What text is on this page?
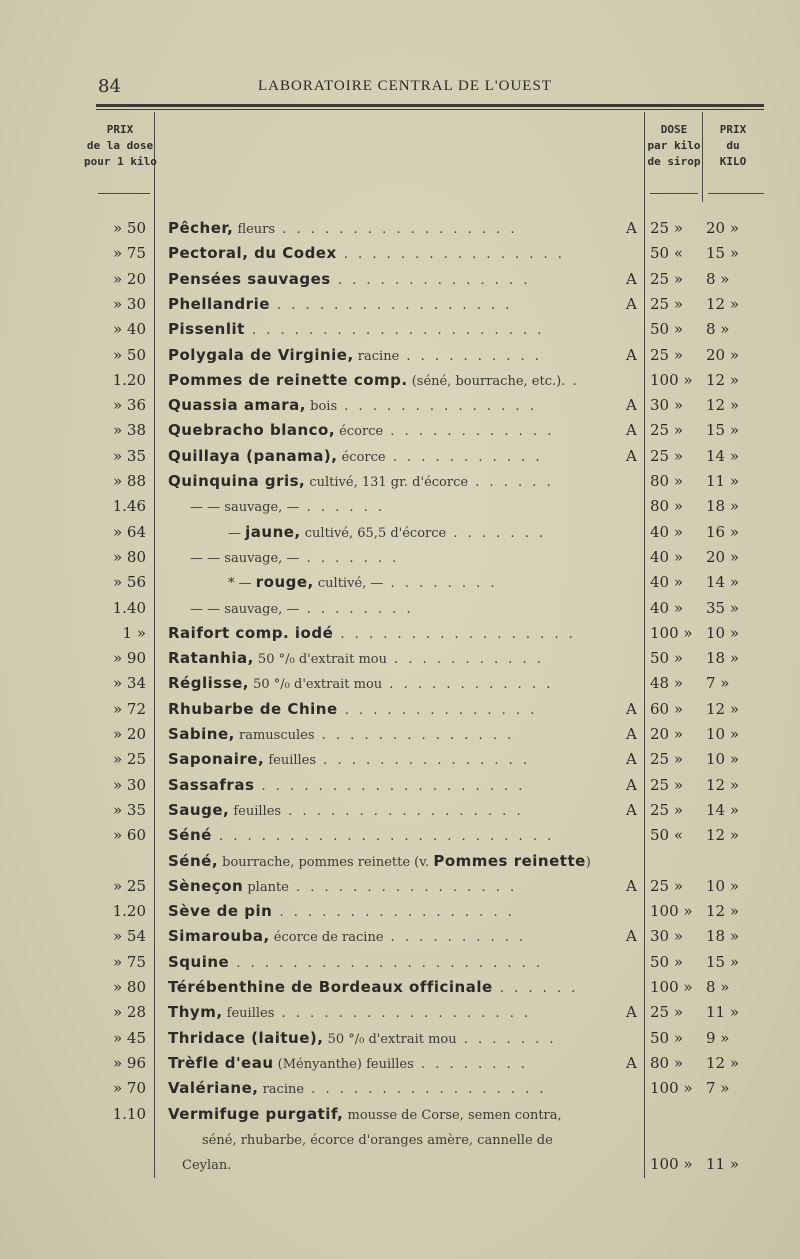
84	LABORATOIRE CENTRAL DE L'OUEST
PRIX
de la dose
pour 1 kilo
DOSE
par kilo
de sirop
PRIX
du
KILO
» 50 Pêcher, fleurs . . . . . . . . . . . . . . . . .	A 25 »	20 »
» 75 Pectoral, du Codex . . . . . . . . . . . . . . . .	50 «	15 »
» 20 Pensées sauvages . . . . . . . . . . . . . .	A 25 »	8 »
» 30 Phellandrie . . . . . . . . . . . . . . . . .	A 25 »	12 »
» 40 Pissenlit . . . . . . . . . . . . . . . . . . . . .	50 »	8 »
» 50 Polygala de Virginie, racine . . . . . . . . . .	A 25 »	20 »
1.20 Pommes de reinette comp. (séné, bourrache, etc.). .	100 » 12 »
» 36 Quassia amara, bois . . . . . . . . . . . . . .	A 30 »	12 »
» 38 Quebracho blanco, écorce . . . . . . . . . . . .	A 25 »	15 »
» 35 Quillaya (panama), écorce . . . . . . . . . . .	A 25 »	14 »
» 88 Quinquina gris, cultivé, 131 gr. d'écorce . . . . . .	80 »	11 »
1.46	— — sauvage, — . . . . . .	80 »	18 »
» 64	— jaune, cultivé, 65,5 d'écorce . . . . . . .	40 »	16 »
» 80	— — sauvage, — . . . . . . .	40 »	20 »
» 56	* — rouge, cultivé, — . . . . . . . .	40 »	14 »
1.40	— — sauvage, — . . . . . . . .	40 »	35 »
1 » Raifort comp. iodé . . . . . . . . . . . . . . . . .	100 » 10 »
» 90 Ratanhia, 50 °/₀ d'extrait mou . . . . . . . . . . .	50 »	18 »
» 34 Réglisse, 50 °/₀ d'extrait mou . . . . . . . . . . . .	48 »	7 »
» 72 Rhubarbe de Chine . . . . . . . . . . . . . .	A 60 »	12 »
» 20 Sabine, ramuscules . . . . . . . . . . . . . .	A 20 »	10 »
» 25 Saponaire, feuilles . . . . . . . . . . . . . . .	A 25 »	10 »
» 30 Sassafras . . . . . . . . . . . . . . . . . . .	A 25 »	12 »
» 35 Sauge, feuilles . . . . . . . . . . . . . . . . .	A 25 »	14 »
» 60 Séné . . . . . . . . . . . . . . . . . . . . . . . .	50 «	12 »
Séné, bourrache, pommes reinette (v. Pommes reinette)
» 25 Sèneçon plante . . . . . . . . . . . . . . . .	A 25 »	10 »
1.20 Sève de pin . . . . . . . . . . . . . . . . .	100 » 12 »
» 54 Simarouba, écorce de racine . . . . . . . . . .	A 30 »	18 »
» 75 Squine . . . . . . . . . . . . . . . . . . . . . .	50 »	15 »
» 80 Térébenthine de Bordeaux officinale . . . . . .	100 » 8 »
» 28 Thym, feuilles . . . . . . . . . . . . . . . . . .	A 25 »	11 »
» 45 Thridace (laitue), 50 °/₀ d'extrait mou . . . . . . .	50 »	9 »
» 96 Trèfle d'eau (Ményanthe) feuilles . . . . . . . .	A 80 »	12 »
» 70 Valériane, racine . . . . . . . . . . . . . . . . .	100 » 7 »
1.10 Vermifuge purgatif, mousse de Corse, semen contra,
séné, rhubarbe, écorce d'oranges amère, cannelle de
Ceylan.	100 » 11 »
